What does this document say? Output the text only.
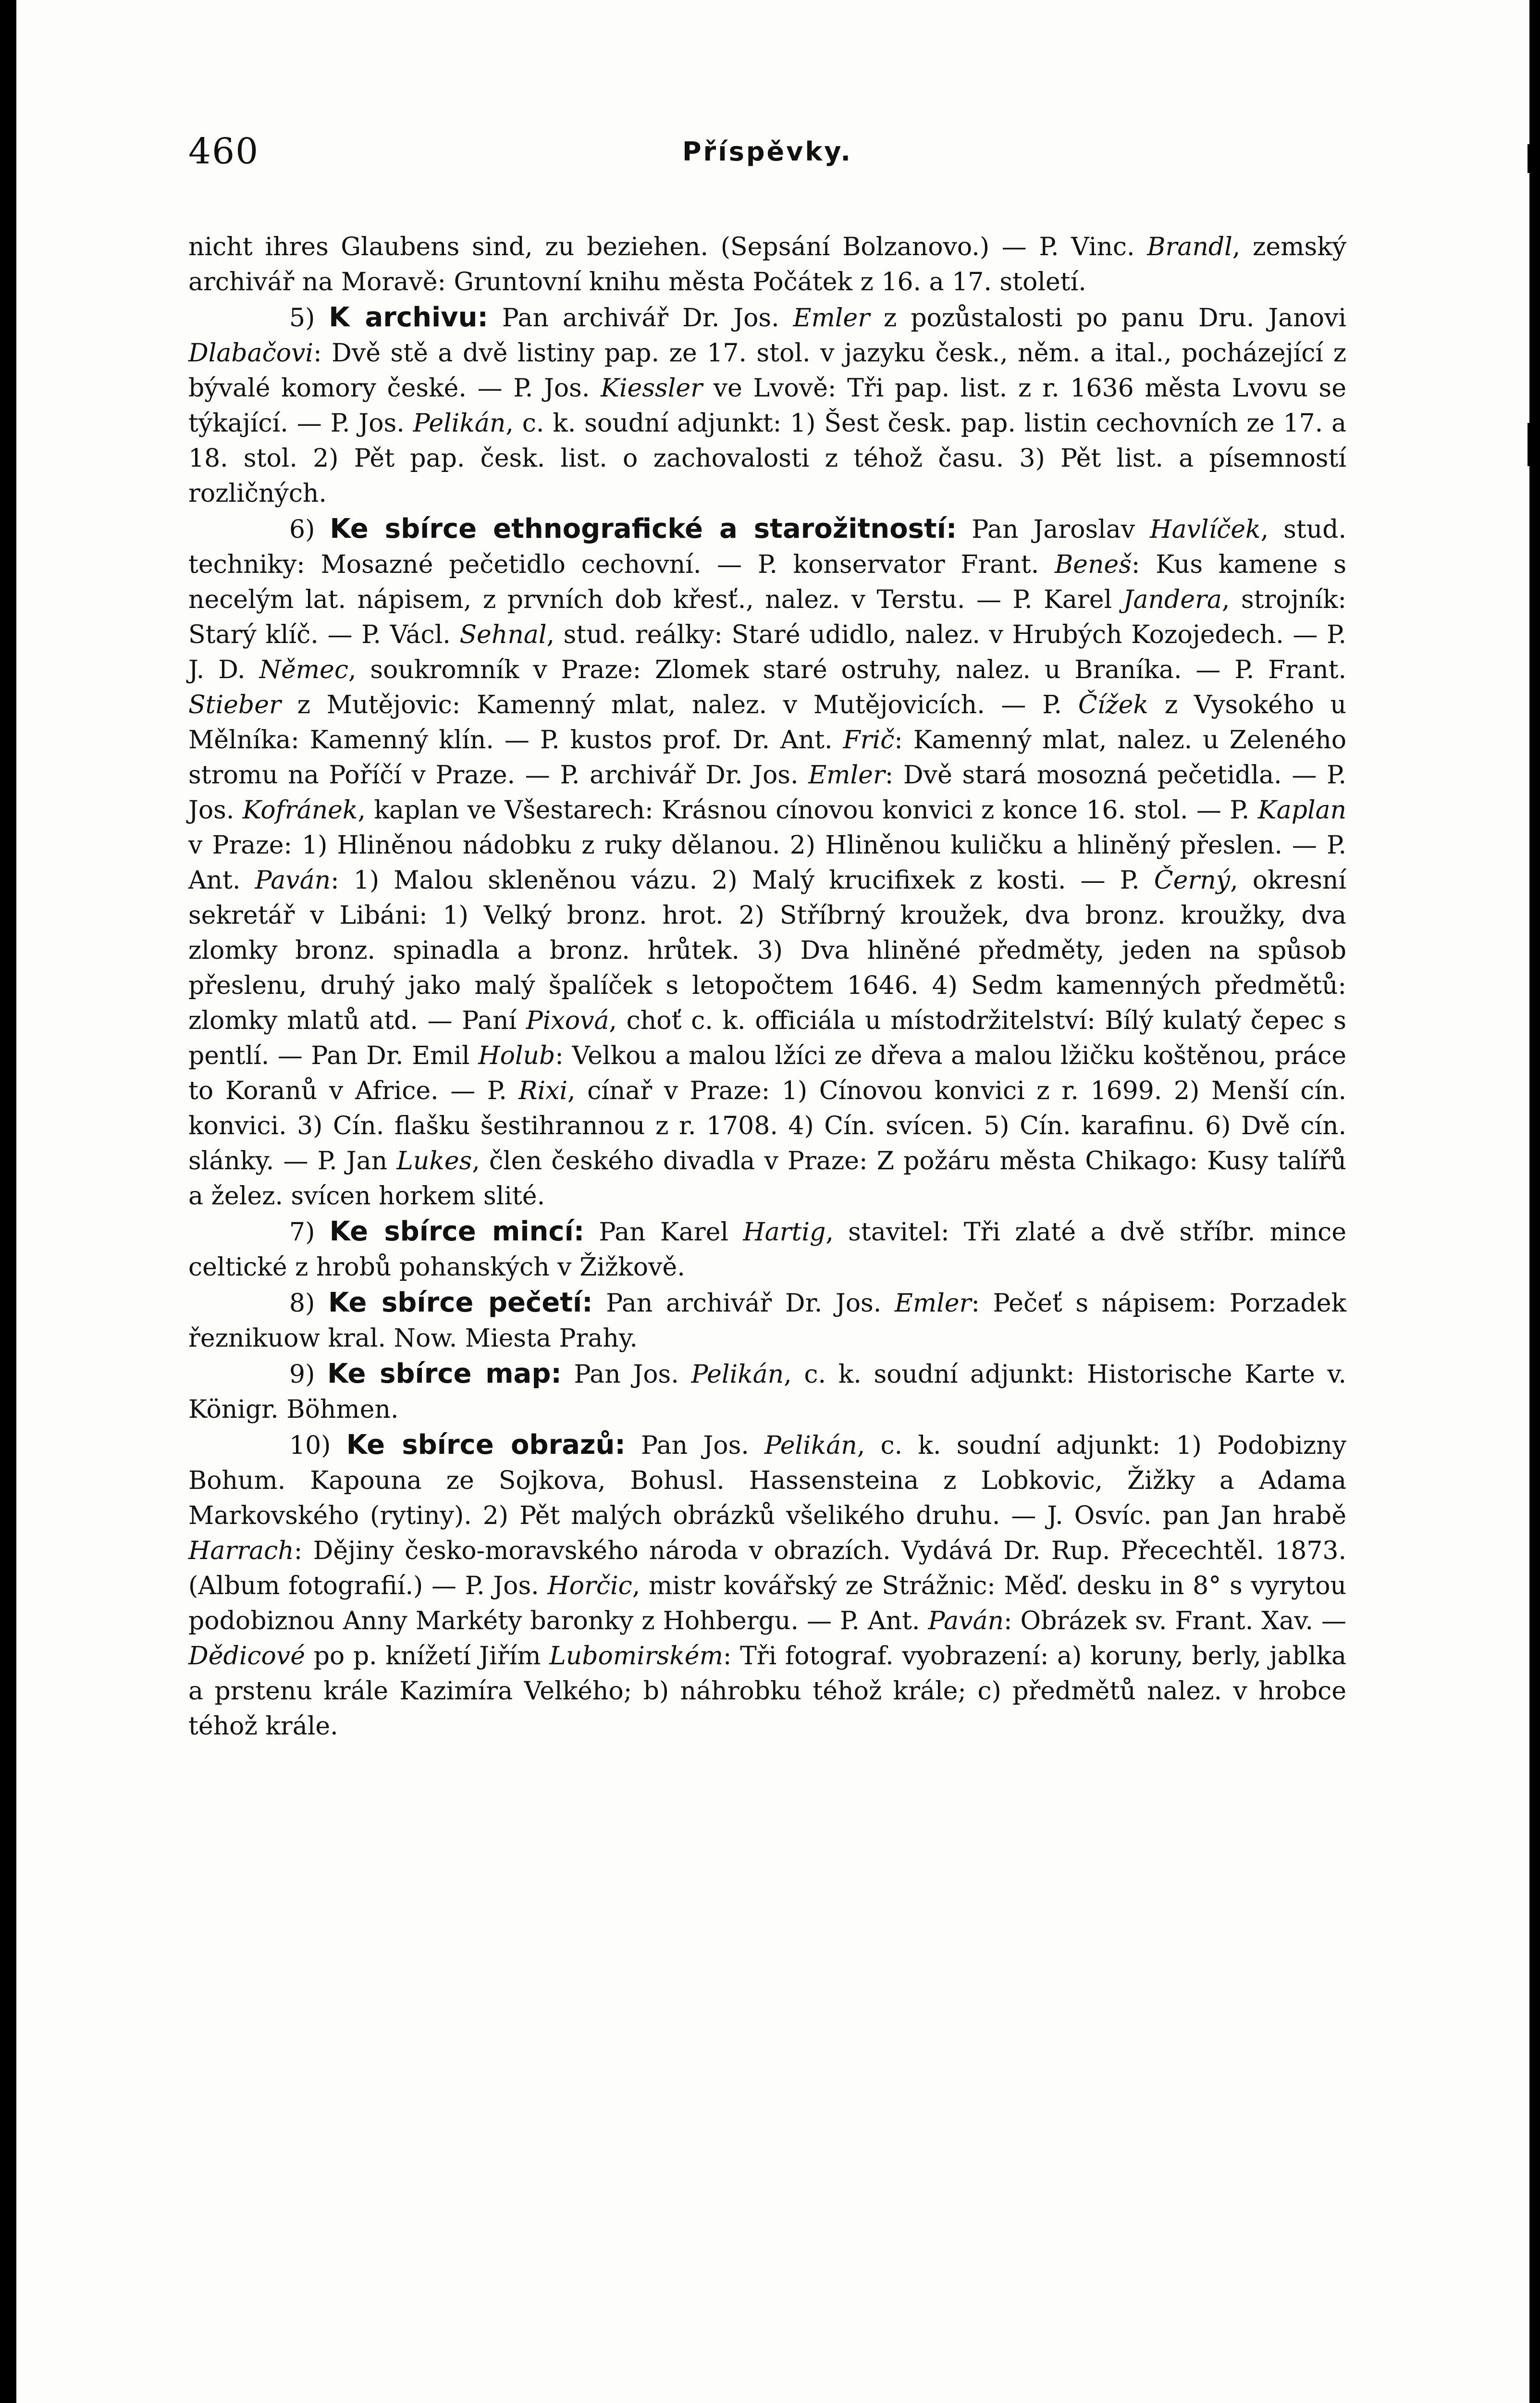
460	Příspěvky.

nicht ihres Glaubens sind, zu beziehen. (Sepsání Bolzanovo.) — P. Vinc. Brandl, zemský archivář na Moravě: Gruntovní knihu města Počátek z 16. a 17. století.

5) K archivu: Pan archivář Dr. Jos. Emler z pozůstalosti po panu Dru. Janovi Dlabačovi: Dvě stě a dvě listiny pap. ze 17. stol. v jazyku česk., něm. a ital., pocházející z bývalé komory české. — P. Jos. Kiessler ve Lvově: Tři pap. list. z r. 1636 města Lvovu se týkající. — P. Jos. Pelikán, c. k. soudní adjunkt: 1) Šest česk. pap. listin cechovních ze 17. a 18. stol. 2) Pět pap. česk. list. o zachovalosti z téhož času. 3) Pět list. a písemností rozličných.

6) Ke sbírce ethnografické a starožitností: Pan Jaroslav Havlíček, stud. techniky: Mosazné pečetidlo cechovní. — P. konservator Frant. Beneš: Kus kamene s necelým lat. nápisem, z prvních dob křesť., nalez. v Terstu. — P. Karel Jandera, strojník: Starý klíč. — P. Václ. Sehnal, stud. reálky: Staré udidlo, nalez. v Hrubých Kozojedech. — P. J. D. Němec, soukromník v Praze: Zlomek staré ostruhy, nalez. u Braníka. — P. Frant. Stieber z Mutějovic: Kamenný mlat, nalez. v Mutějovicích. — P. Čížek z Vysokého u Mělníka: Kamenný klín. — P. kustos prof. Dr. Ant. Frič: Kamenný mlat, nalez. u Zeleného stromu na Poříčí v Praze. — P. archivář Dr. Jos. Emler: Dvě stará mosozná pečetidla. — P. Jos. Kofránek, kaplan ve Všestarech: Krásnou cínovou konvici z konce 16. stol. — P. Kaplan v Praze: 1) Hliněnou nádobku z ruky dělanou. 2) Hliněnou kuličku a hliněný přeslen. — P. Ant. Paván: 1) Malou skleněnou vázu. 2) Malý krucifixek z kosti. — P. Černý, okresní sekretář v Libáni: 1) Velký bronz. hrot. 2) Stříbrný kroužek, dva bronz. kroužky, dva zlomky bronz. spinadla a bronz. hrůtek. 3) Dva hliněné předměty, jeden na spůsob přeslenu, druhý jako malý špalíček s letopočtem 1646. 4) Sedm kamenných předmětů: zlomky mlatů atd. — Paní Pixová, choť c. k. officiála u místodržitelství: Bílý kulatý čepec s pentlí. — Pan Dr. Emil Holub: Velkou a malou lžíci ze dřeva a malou lžičku koštěnou, práce to Koranů v Africe. — P. Rixi, cínař v Praze: 1) Cínovou konvici z r. 1699. 2) Menší cín. konvici. 3) Cín. flašku šestihrannou z r. 1708. 4) Cín. svícen. 5) Cín. karafinu. 6) Dvě cín. slánky. — P. Jan Lukes, člen českého divadla v Praze: Z požáru města Chikago: Kusy talířů a želez. svícen horkem slité.

7) Ke sbírce mincí: Pan Karel Hartig, stavitel: Tři zlaté a dvě stříbr. mince celtické z hrobů pohanských v Žižkově.

8) Ke sbírce pečetí: Pan archivář Dr. Jos. Emler: Pečeť s nápisem: Porzadek řeznikuow kral. Now. Miesta Prahy.

9) Ke sbírce map: Pan Jos. Pelikán, c. k. soudní adjunkt: Historische Karte v. Königr. Böhmen.

10) Ke sbírce obrazů: Pan Jos. Pelikán, c. k. soudní adjunkt: 1) Podobizny Bohum. Kapouna ze Sojkova, Bohusl. Hassensteina z Lobkovic, Žižky a Adama Markovského (rytiny). 2) Pět malých obrázků všelikého druhu. — J. Osvíc. pan Jan hrabě Harrach: Dějiny česko-moravského národa v obrazích. Vydává Dr. Rup. Přecechtěl. 1873. (Album fotografií.) — P. Jos. Horčic, mistr kovářský ze Strážnic: Měď. desku in 8° s vyrytou podobiznou Anny Markéty baronky z Hohbergu. — P. Ant. Paván: Obrázek sv. Frant. Xav. — Dědicové po p. knížetí Jiřím Lubomirském: Tři fotograf. vyobrazení: a) koruny, berly, jablka a prstenu krále Kazimíra Velkého; b) náhrobku téhož krále; c) předmětů nalez. v hrobce téhož krále.
